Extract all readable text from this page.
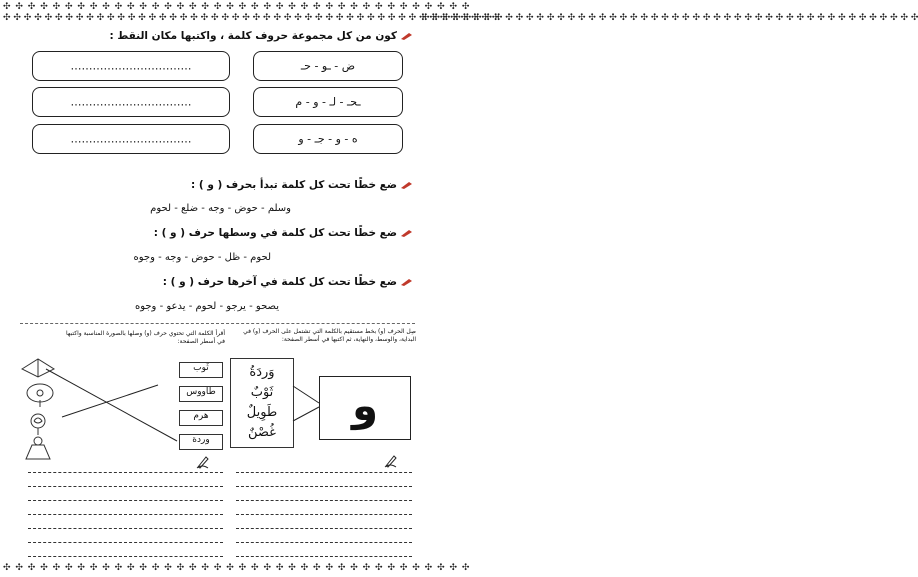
✣ ✣ ✣ ✣ ✣ ✣ ✣ ✣ ✣ ✣ ✣ ✣ ✣ ✣ ✣ ✣ ✣ ✣ ✣ ✣ ✣ ✣ ✣ ✣ ✣ ✣ ✣ ✣ ✣ ✣ ✣ ✣ ✣ ✣ ✣ ✣ ✣ ✣
✣ ✣ ✣ ✣ ✣ ✣ ✣ ✣ ✣ ✣ ✣ ✣ ✣ ✣ ✣ ✣ ✣ ✣ ✣ ✣ ✣ ✣ ✣ ✣ ✣ ✣ ✣ ✣ ✣ ✣ ✣ ✣ ✣ ✣ ✣ ✣ ✣ ✣
✣ ✣ ✣ ✣ ✣ ✣ ✣ ✣ ✣ ✣ ✣ ✣ ✣ ✣ ✣ ✣ ✣ ✣ ✣ ✣ ✣ ✣ ✣ ✣ ✣ ✣ ✣ ✣ ✣ ✣ ✣ ✣ ✣ ✣ ✣ ✣ ✣ ✣ ✣ ✣ ✣ ✣ ✣ ✣ ✣ ✣ ✣ ✣
✣ ✣ ✣ ✣ ✣ ✣ ✣ ✣ ✣ ✣ ✣ ✣ ✣ ✣ ✣ ✣ ✣ ✣ ✣ ✣ ✣ ✣ ✣ ✣ ✣ ✣ ✣ ✣ ✣ ✣ ✣ ✣ ✣ ✣ ✣ ✣ ✣ ✣ ✣ ✣ ✣ ✣ ✣ ✣ ✣ ✣ ✣ ✣
كون من كل مجموعة حروف كلمة ، واكتبها مكان النقط :
ض - ـو - حـ
ـحـ - لـ - و - م
ه - و - جـ - و
……………………………
……………………………
……………………………
ضع خطًا تحت كل كلمة تبدأ بحرف ( و ) :
وسلم - حوض - وجه - ضلع - لحوم
ضع خطًا تحت كل كلمة في وسطها حرف ( و ) :
لحوم - ظل - حوض - وجه - وجوه
ضع خطًا تحت كل كلمة في آخرها حرف ( و ) :
يصحو - يرجو - لحوم - يدعو - وجوه
أقرأ الكلمة التي تحتوي حرف (و) وصلها بالصورة المناسبة واكتبها في أسطر الصفحة:
ثَوب
طاووس
هرم
وردة
صِل الحرف (و) بخط مستقيم بالكلمة التي تشتمل على الحرف (و) في البداية، والوسط، والنهاية، ثم اكتبها في أسطر الصفحة:
وَردَةُ
ثَوْبٌ
طَوِيلٌ
غُصْنٌ
و
